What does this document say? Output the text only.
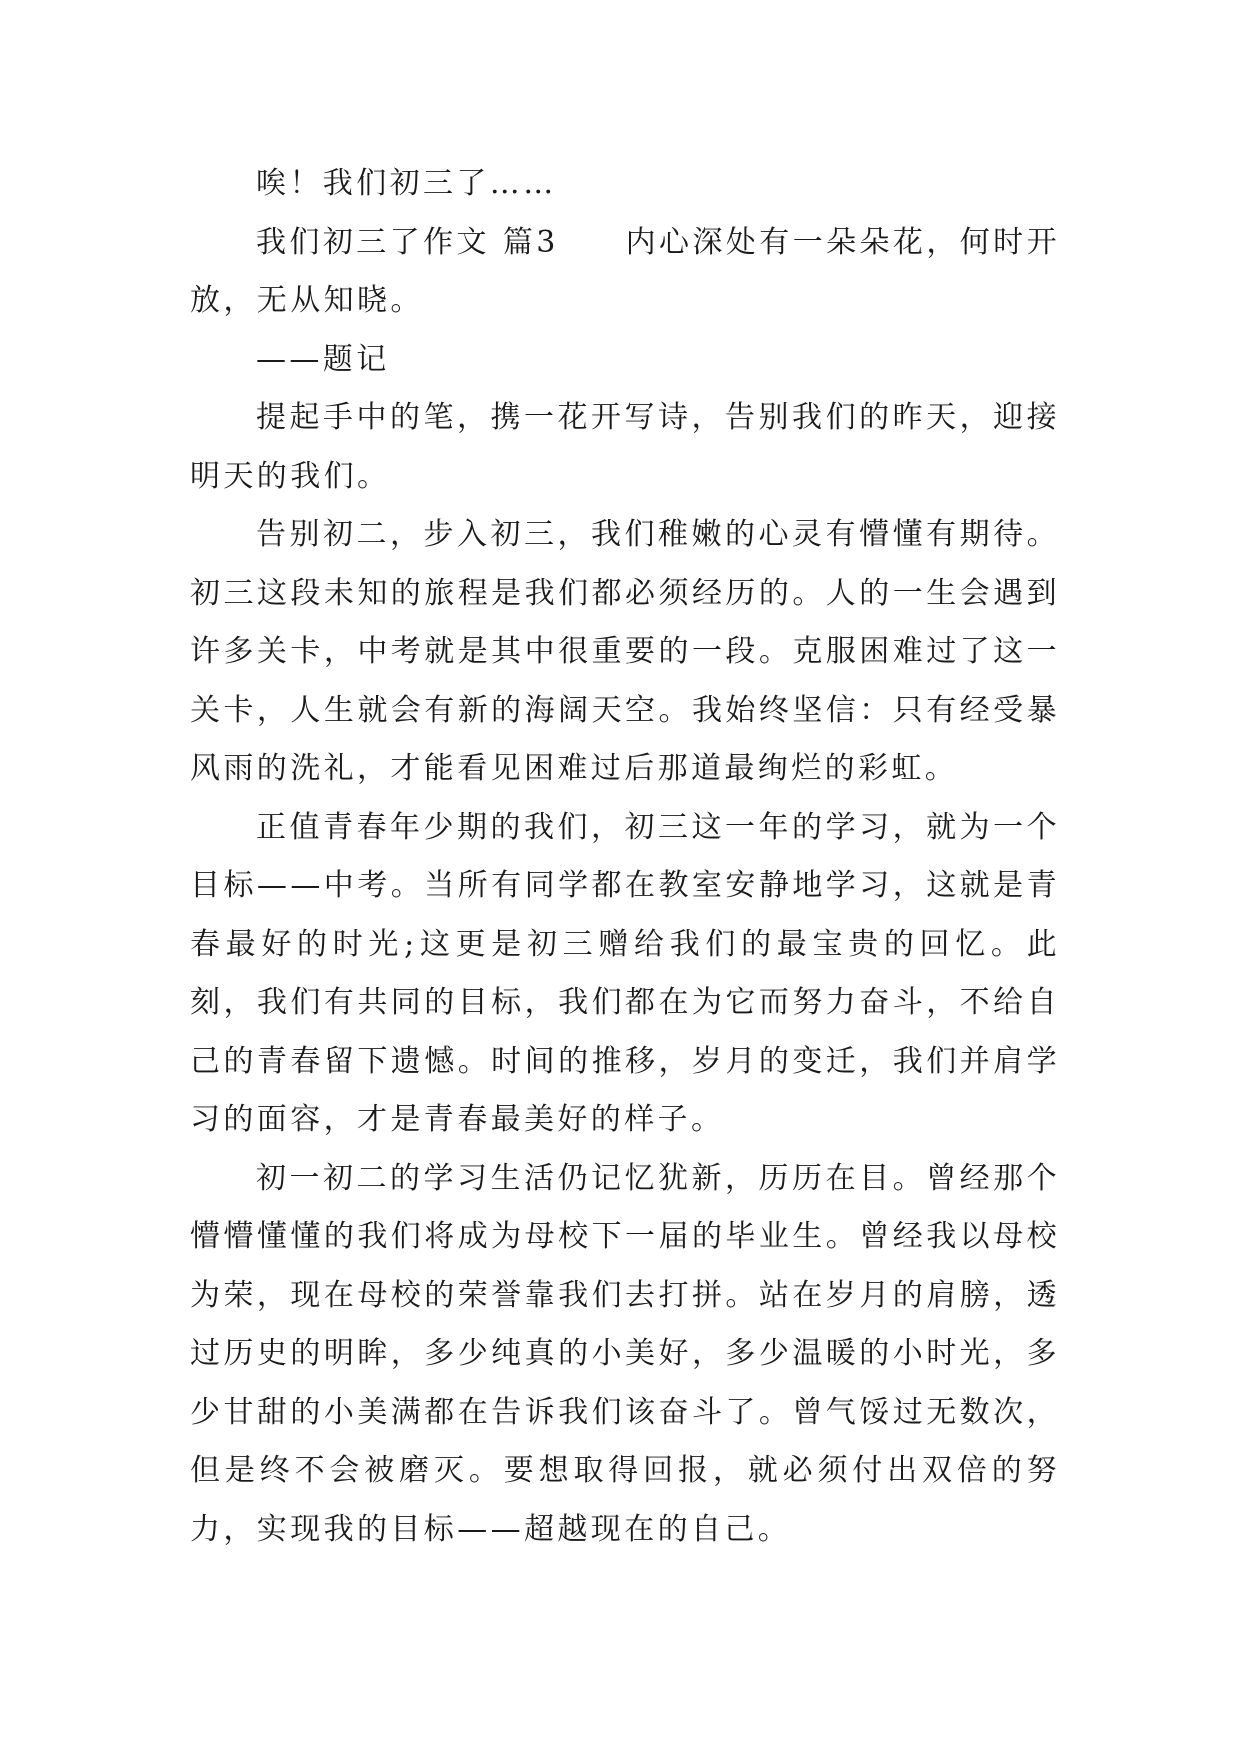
唉！我们初三了……

我们初三了作文 篇3　　内心深处有一朵朵花，何时开放，无从知晓。

——题记

提起手中的笔，携一花开写诗，告别我们的昨天，迎接明天的我们。

告别初二，步入初三，我们稚嫩的心灵有懵懂有期待。初三这段未知的旅程是我们都必须经历的。人的一生会遇到许多关卡，中考就是其中很重要的一段。克服困难过了这一关卡，人生就会有新的海阔天空。我始终坚信：只有经受暴风雨的洗礼，才能看见困难过后那道最绚烂的彩虹。

正值青春年少期的我们，初三这一年的学习，就为一个目标——中考。当所有同学都在教室安静地学习，这就是青春最好的时光;这更是初三赠给我们的最宝贵的回忆。此刻，我们有共同的目标，我们都在为它而努力奋斗，不给自己的青春留下遗憾。时间的推移，岁月的变迁，我们并肩学习的面容，才是青春最美好的样子。

初一初二的学习生活仍记忆犹新，历历在目。曾经那个懵懵懂懂的我们将成为母校下一届的毕业生。曾经我以母校为荣，现在母校的荣誉靠我们去打拼。站在岁月的肩膀，透过历史的明眸，多少纯真的小美好，多少温暖的小时光，多少甘甜的小美满都在告诉我们该奋斗了。曾气馁过无数次，但是终不会被磨灭。要想取得回报，就必须付出双倍的努力，实现我的目标——超越现在的自己。
